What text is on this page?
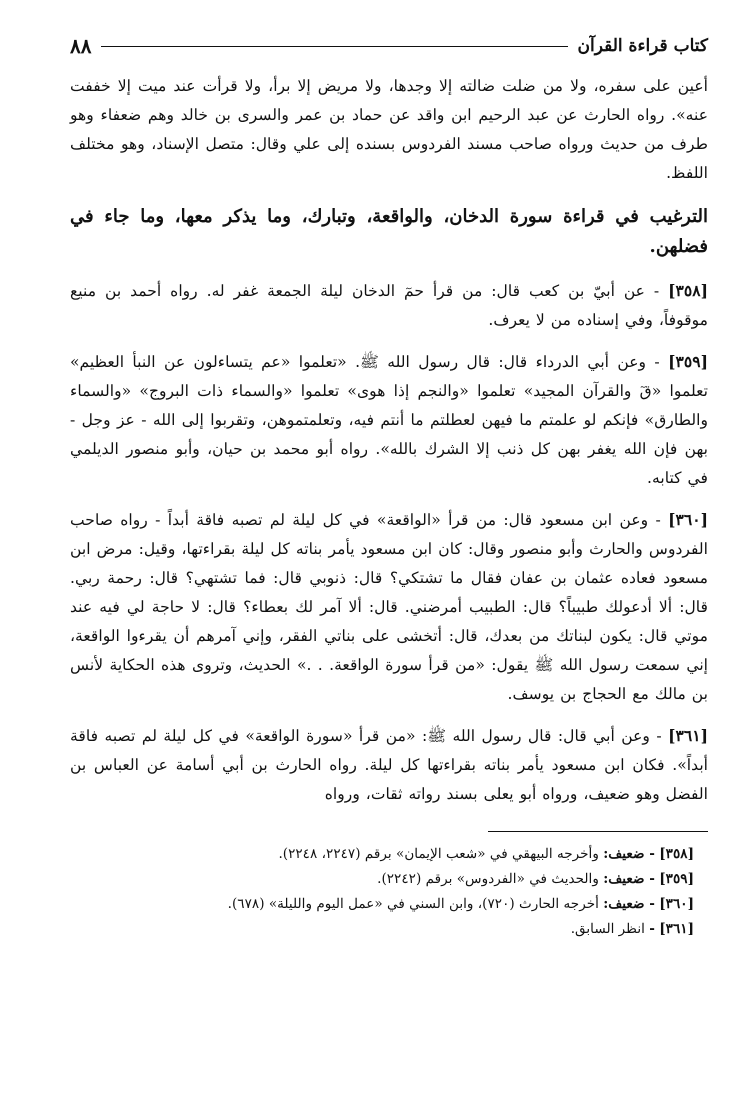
كتاب قراءة القرآن
٨٨

أعين على سفره، ولا من ضلت ضالته إلا وجدها، ولا مريض إلا برأ، ولا قرأت عند ميت إلا خففت عنه». رواه الحارث عن عبد الرحيم ابن واقد عن حماد بن عمر والسرى بن خالد وهم ضعفاء وهو طرف من حديث ورواه صاحب مسند الفردوس بسنده إلى علي وقال: متصل الإسناد، وهو مختلف اللفظ.

الترغيب في قراءة سورة الدخان، والواقعة، وتبارك، وما يذكر معها، وما جاء في فضلهن.

[٣٥٨] - عن أبيّ بن كعب قال: من قرأ حمٓ الدخان ليلة الجمعة غفر له. رواه أحمد بن منيع موقوفاً، وفي إسناده من لا يعرف.

[٣٥٩] - وعن أبي الدرداء قال: قال رسول الله ﷺ. «تعلموا «عم يتساءلون عن النبأ العظيم» تعلموا «قٓ والقرآن المجيد» تعلموا «والنجم إذا هوى» تعلموا «والسماء ذات البروج» «والسماء والطارق» فإنكم لو علمتم ما فيهن لعطلتم ما أنتم فيه، وتعلمتموهن، وتقربوا إلى الله - عز وجل - بهن فإن الله يغفر بهن كل ذنب إلا الشرك بالله». رواه أبو محمد بن حيان، وأبو منصور الديلمي في كتابه.

[٣٦٠] - وعن ابن مسعود قال: من قرأ «الواقعة» في كل ليلة لم تصبه فاقة أبداً - رواه صاحب الفردوس والحارث وأبو منصور وقال: كان ابن مسعود يأمر بناته كل ليلة بقراءتها، وقيل: مرض ابن مسعود فعاده عثمان بن عفان فقال ما تشتكي؟ قال: ذنوبي قال: فما تشتهي؟ قال: رحمة ربي. قال: ألا أدعولك طبيباً؟ قال: الطبيب أمرضني. قال: ألا آمر لك بعطاء؟ قال: لا حاجة لي فيه عند موتي قال: يكون لبناتك من بعدك، قال: أتخشى على بناتي الفقر، وإني آمرهم أن يقرءوا الواقعة، إني سمعت رسول الله ﷺ يقول: «من قرأ سورة الواقعة. . .» الحديث، وتروى هذه الحكاية لأنس بن مالك مع الحجاج بن يوسف.

[٣٦١] - وعن أبي قال: قال رسول الله ﷺ: «من قرأ «سورة الواقعة» في كل ليلة لم تصبه فاقة أبداً». فكان ابن مسعود يأمر بناته بقراءتها كل ليلة. رواه الحارث بن أبي أسامة عن العباس بن الفضل وهو ضعيف، ورواه أبو يعلى بسند رواته ثقات، ورواه

[٣٥٨] - ضعيف: وأخرجه البيهقي في «شعب الإيمان» برقم (٢٢٤٧، ٢٢٤٨).

[٣٥٩] - ضعيف: والحديث في «الفردوس» برقم (٢٢٤٢).

[٣٦٠] - ضعيف: أخرجه الحارث (٧٢٠)، وابن السني في «عمل اليوم والليلة» (٦٧٨).

[٣٦١] - انظر السابق.
